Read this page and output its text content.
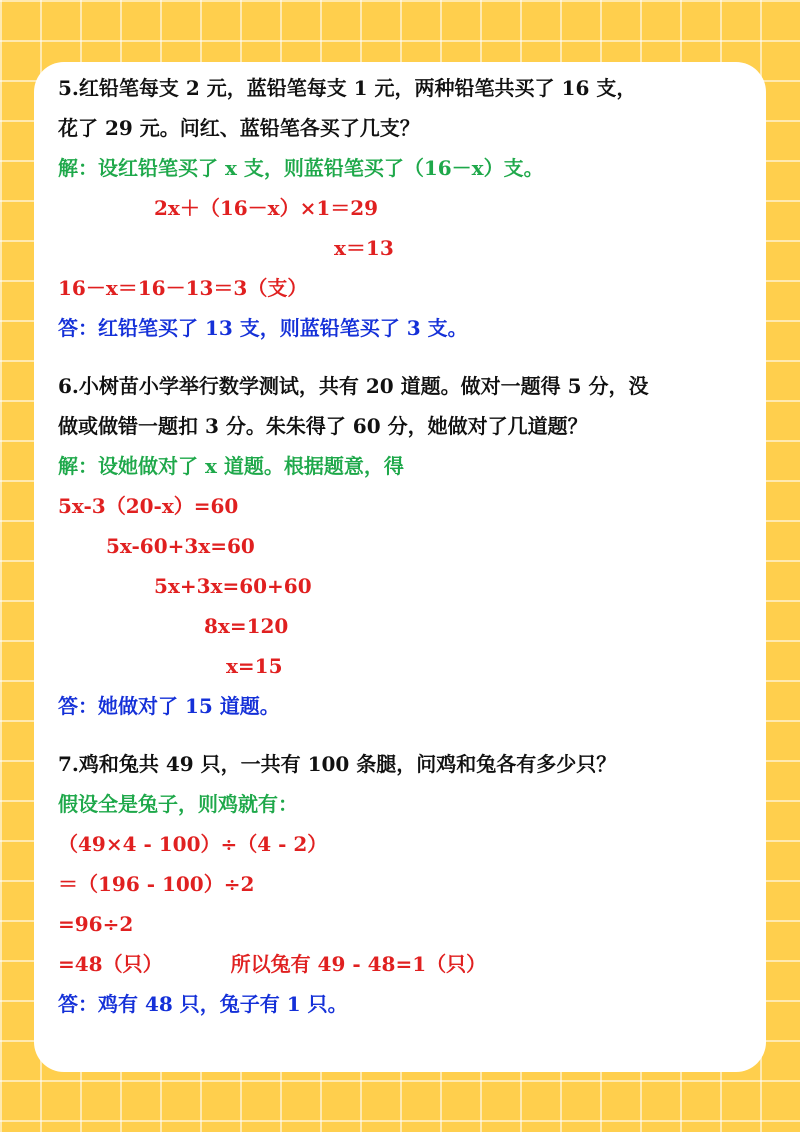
5.红铅笔每支 2 元，蓝铅笔每支 1 元，两种铅笔共买了 16 支，
花了 29 元。问红、蓝铅笔各买了几支？
解：设红铅笔买了 x 支，则蓝铅笔买了（16－x）支。
2x＋（16－x）×1＝29
x＝13
16－x＝16－13＝3（支）
答：红铅笔买了 13 支，则蓝铅笔买了 3 支。
6.小树苗小学举行数学测试，共有 20 道题。做对一题得 5 分，没
做或做错一题扣 3 分。朱朱得了 60 分，她做对了几道题？
解：设她做对了 x 道题。根据题意，得
5x-3（20-x）=60
5x-60+3x=60
5x+3x=60+60
8x=120
x=15
答：她做对了 15 道题。
7.鸡和兔共 49 只，一共有 100 条腿，问鸡和兔各有多少只？
假设全是兔子，则鸡就有：
（49×4 - 100）÷（4 - 2）
＝（196 - 100）÷2
=96÷2
=48（只）	所以兔有 49 - 48=1（只）
答：鸡有 48 只，兔子有 1 只。
